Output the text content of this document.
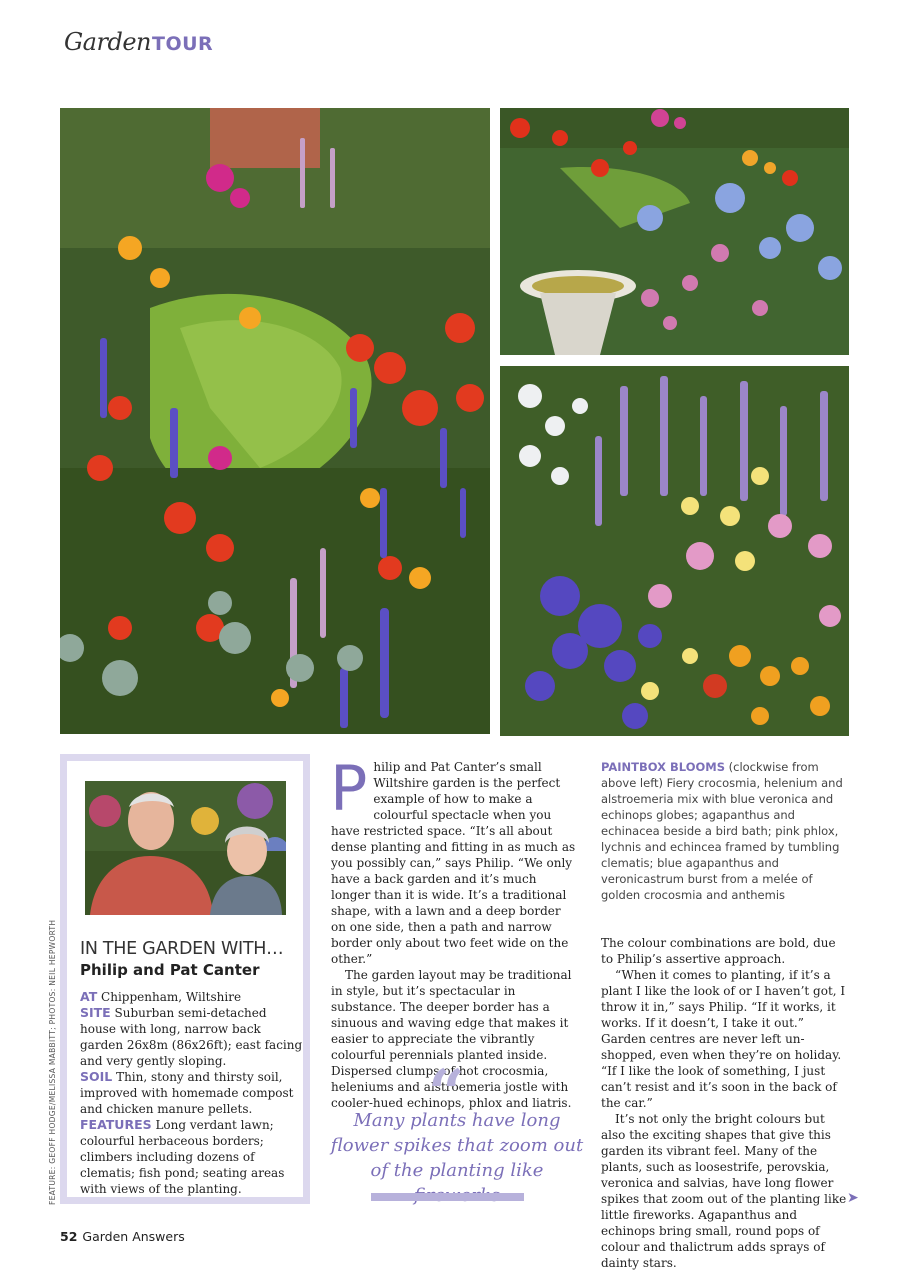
Garden TOUR
FEATURE: GEOFF HODGE/MELISSA MABBITT; PHOTOS: NEIL HEPWORTH IN THE GARDEN WITH…
Philip and Pat Canter
AT Chippenham, Wiltshire
SITE Suburban semi-detached house with long, narrow back garden 26x8m (86x26ft); east facing and very gently sloping.
SOIL Thin, stony and thirsty soil, improved with homemade compost and chicken manure pellets.
FEATURES Long verdant lawn; colourful herbaceous borders; climbers including dozens of clematis; fish pond; seating areas with views of the planting.

Philip and Pat Canter’s small Wiltshire garden is the perfect example of how to make a colourful spectacle when you have restricted space. “It’s all about dense planting and fitting in as much as you possibly can,” says Philip. “We only have a back garden and it’s much longer than it is wide. It’s a traditional shape, with a lawn and a deep border on one side, then a path and narrow border only about two feet wide on the other.”

The garden layout may be traditional in style, but it’s spectacular in substance. The deeper border has a sinuous and waving edge that makes it easier to appreciate the vibrantly colourful perennials planted inside. Dispersed clumps of hot crocosmia, heleniums and alstroemeria jostle with cooler-hued echinops, phlox and liatris.

PAINTBOX BLOOMS (clockwise from above left) Fiery crocosmia, helenium and alstroemeria mix with blue veronica and echinops globes; agapanthus and echinacea beside a bird bath; pink phlox, lychnis and echincea framed by tumbling clematis; blue agapanthus and veronicastrum burst from a melée of golden crocosmia and anthemis

The colour combinations are bold, due to Philip’s assertive approach.

“When it comes to planting, if it’s a plant I like the look of or I haven’t got, I throw it in,” says Philip. “If it works, it works. If it doesn’t, I take it out.” Garden centres are never left un-shopped, even when they’re on holiday. “If I like the look of something, I just can’t resist and it’s soon in the back of the car.”

It’s not only the bright colours but also the exciting shapes that give this garden its vibrant feel. Many of the plants, such as loosestrife, perovskia, veronica and salvias, have long flower spikes that zoom out of the planting like little fireworks. Agapanthus and echinops bring small, round pops of colour and thalictrum adds sprays of dainty stars.

“
Many plants have long flower spikes that zoom out of the planting like
➤
52 Garden Answers
